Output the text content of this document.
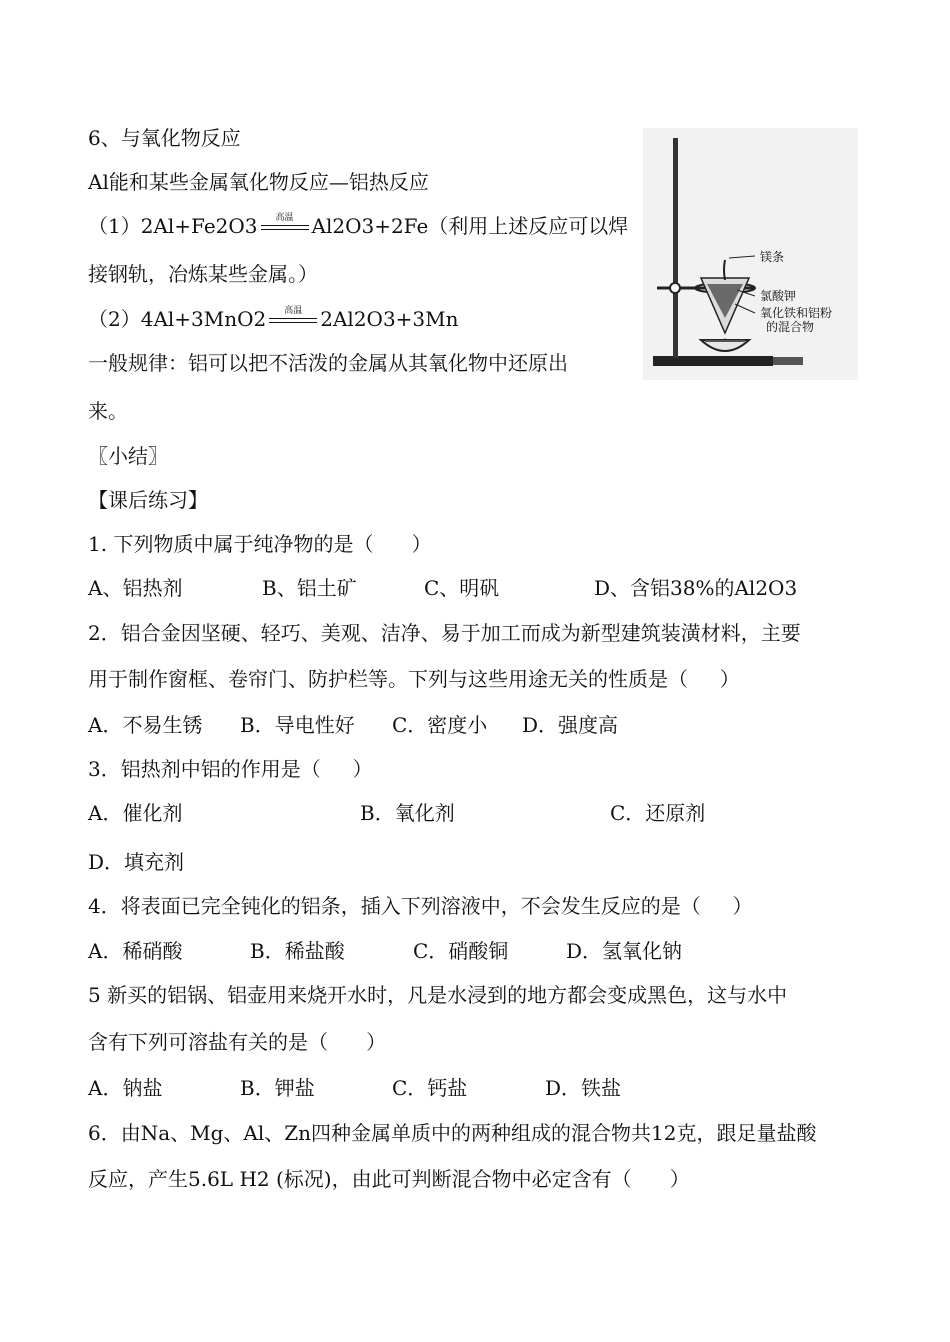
6、与氧化物反应
Al能和某些金属氧化物反应—铝热反应
（1）2Al+Fe2O3	高温 Al2O3+2Fe（利用上述反应可以焊
接钢轨，冶炼某些金属。）
（2）4Al+3MnO2	高温 2Al2O3+3Mn
一般规律：铝可以把不活泼的金属从其氧化物中还原出
来。
镁条
氯酸钾
氧化铁和铝粉
的混合物
〖小结〗
【课后练习】
1. 下列物质中属于纯净物的是（      ）
A、铝热剂	B、铝土矿	C、明矾	D、含铝38%的Al2O3
2．铝合金因坚硬、轻巧、美观、洁净、易于加工而成为新型建筑装潢材料，主要
用于制作窗框、卷帘门、防护栏等。下列与这些用途无关的性质是（     ）
A．不易生锈 B．导电性好 C．密度小 D．强度高
3．铝热剂中铝的作用是（     ）
A．催化剂	B．氧化剂	C．还原剂
D．填充剂
4．将表面已完全钝化的铝条，插入下列溶液中，不会发生反应的是（     ）
A．稀硝酸	B．稀盐酸	C．硝酸铜	D．氢氧化钠
5 新买的铝锅、铝壶用来烧开水时，凡是水浸到的地方都会变成黑色，这与水中
含有下列可溶盐有关的是（      ）
A．钠盐	B．钾盐	C．钙盐	D．铁盐
6．由Na、Mg、Al、Zn四种金属单质中的两种组成的混合物共12克，跟足量盐酸
反应，产生5.6L H2 (标况)，由此可判断混合物中必定含有（      ）
